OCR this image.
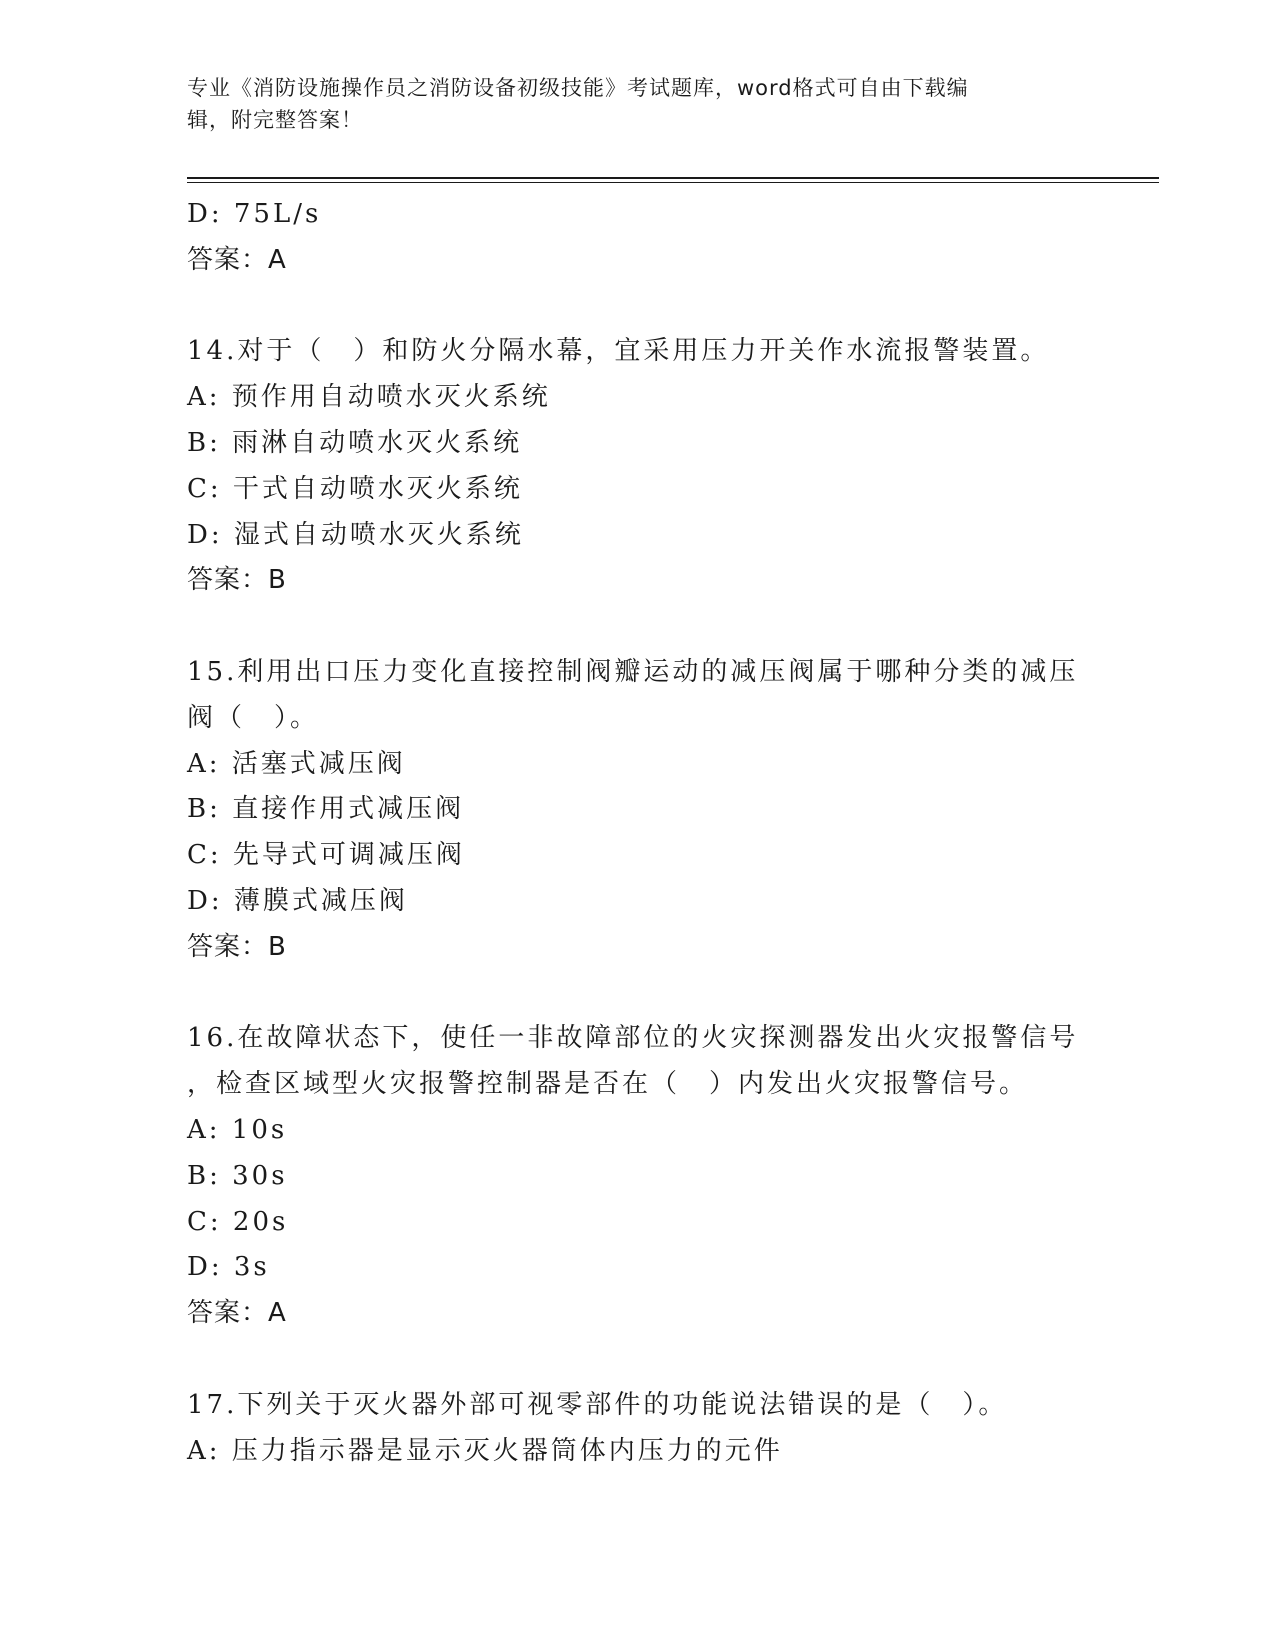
专业《消防设施操作员之消防设备初级技能》考试题库，word格式可自由下载编
辑，附完整答案！
D: 75L/s
答案：A
14.对于（　）和防火分隔水幕，宜采用压力开关作水流报警装置。
A: 预作用自动喷水灭火系统
B: 雨淋自动喷水灭火系统
C: 干式自动喷水灭火系统
D: 湿式自动喷水灭火系统
答案：B
15.利用出口压力变化直接控制阀瓣运动的减压阀属于哪种分类的减压
阀（　）。
A: 活塞式减压阀
B: 直接作用式减压阀
C: 先导式可调减压阀
D: 薄膜式减压阀
答案：B
16.在故障状态下，使任一非故障部位的火灾探测器发出火灾报警信号
，检查区域型火灾报警控制器是否在（　）内发出火灾报警信号。
A: 10s
B: 30s
C: 20s
D: 3s
答案：A
17.下列关于灭火器外部可视零部件的功能说法错误的是（　）。
A: 压力指示器是显示灭火器筒体内压力的元件
